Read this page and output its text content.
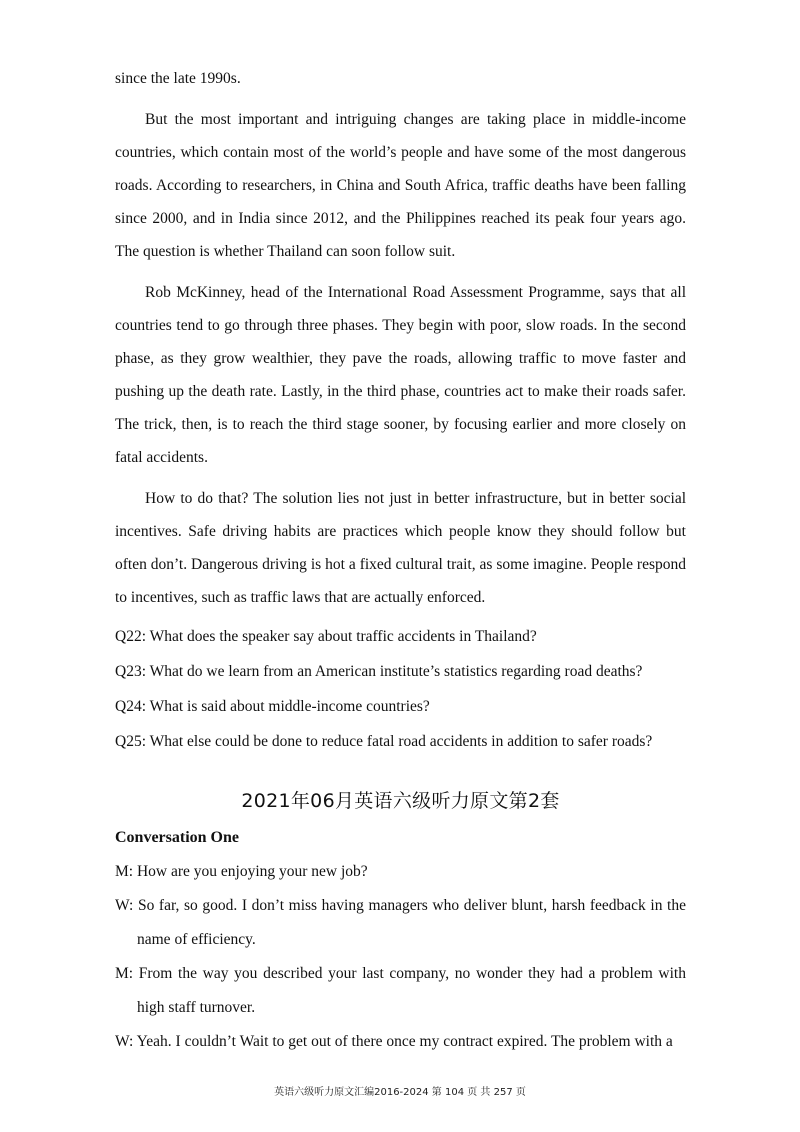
since the late 1990s.

But the most important and intriguing changes are taking place in middle-income countries, which contain most of the world’s people and have some of the most dangerous roads. According to researchers, in China and South Africa, traffic deaths have been falling since 2000, and in India since 2012, and the Philippines reached its peak four years ago. The question is whether Thailand can soon follow suit.

Rob McKinney, head of the International Road Assessment Programme, says that all countries tend to go through three phases. They begin with poor, slow roads. In the second phase, as they grow wealthier, they pave the roads, allowing traffic to move faster and pushing up the death rate. Lastly, in the third phase, countries act to make their roads safer. The trick, then, is to reach the third stage sooner, by focusing earlier and more closely on fatal accidents.

How to do that? The solution lies not just in better infrastructure, but in better social incentives. Safe driving habits are practices which people know they should follow but often don’t. Dangerous driving is hot a fixed cultural trait, as some imagine. People respond to incentives, such as traffic laws that are actually enforced.

Q22: What does the speaker say about traffic accidents in Thailand?

Q23: What do we learn from an American institute’s statistics regarding road deaths?

Q24: What is said about middle-income countries?

Q25: What else could be done to reduce fatal road accidents in addition to safer roads?

2021年06月英语六级听力原文第2套

Conversation One

M: How are you enjoying your new job?

W: So far, so good. I don’t miss having managers who deliver blunt, harsh feedback in the name of efficiency.

M: From the way you described your last company, no wonder they had a problem with high staff turnover.

W: Yeah. I couldn’t Wait to get out of there once my contract expired. The problem with a

英语六级听力原文汇编2016-2024 第 104 页 共 257 页
